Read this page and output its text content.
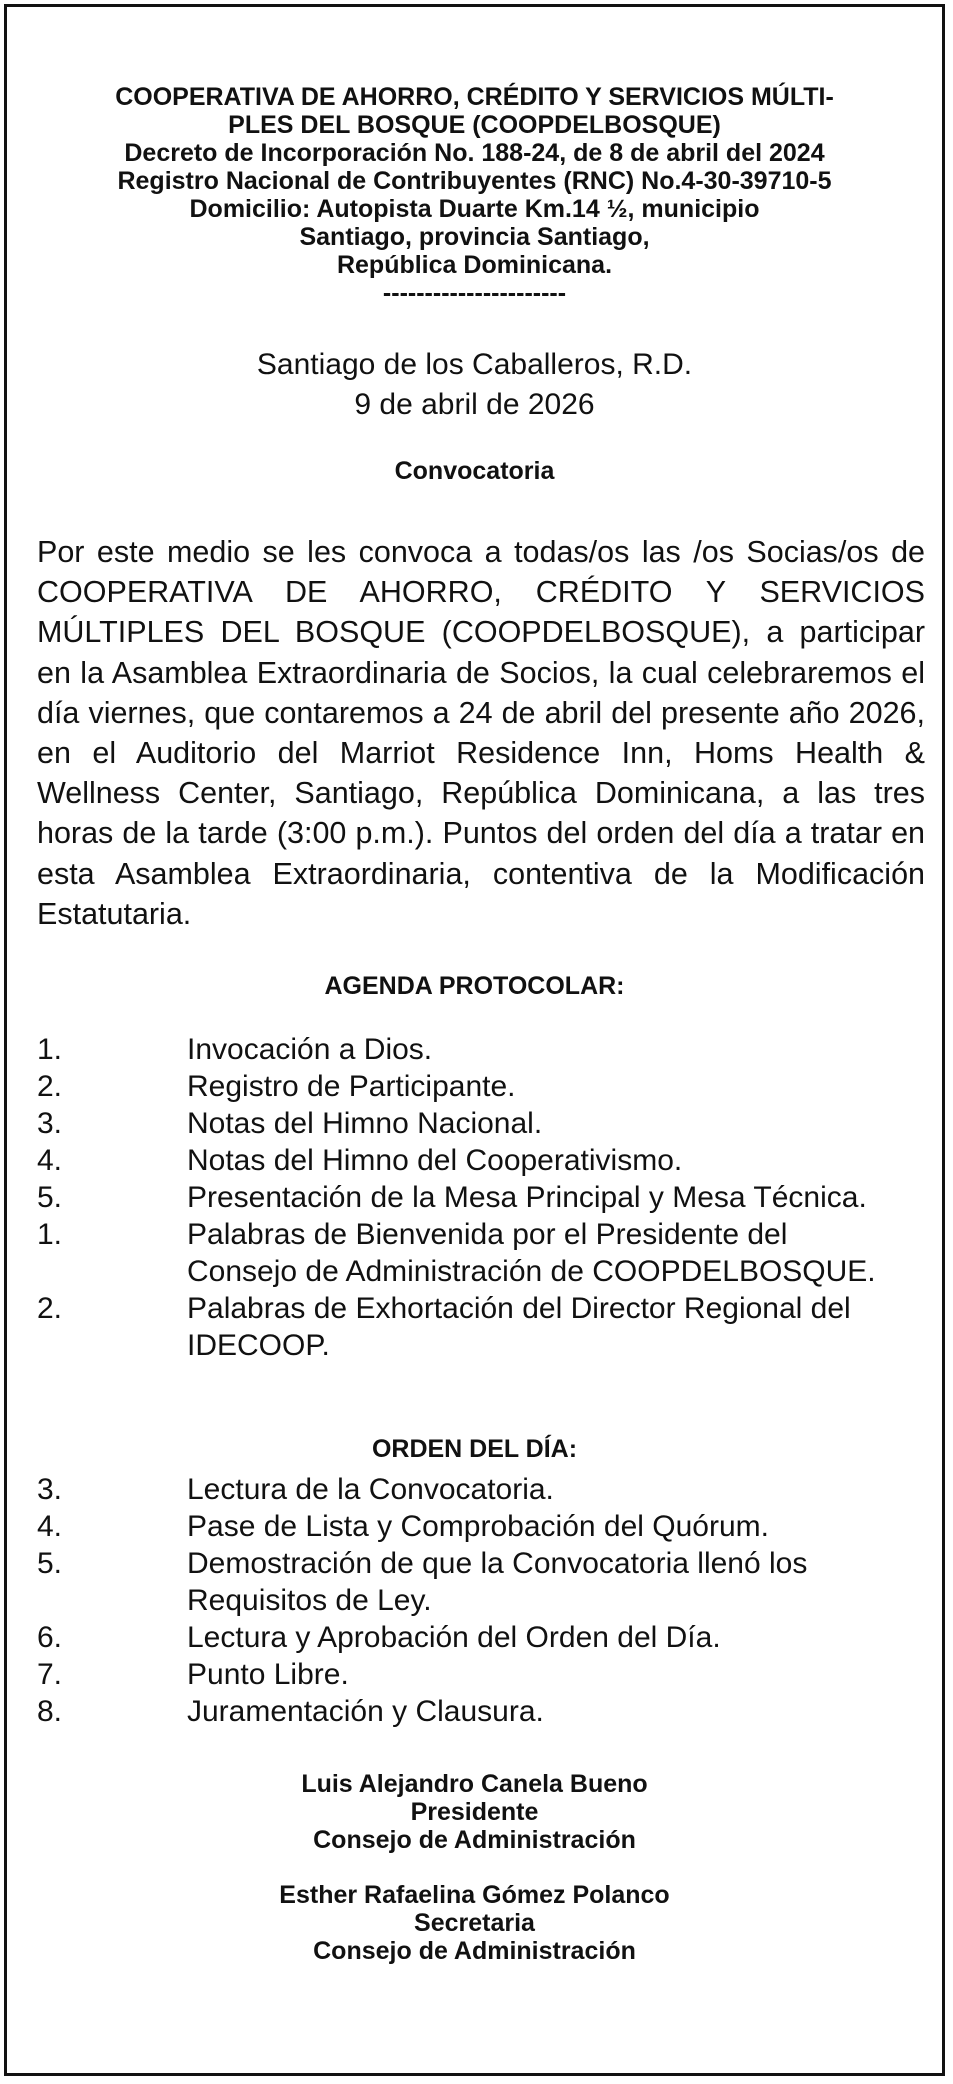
COOPERATIVA DE AHORRO, CRÉDITO Y SERVICIOS MÚLTI-
PLES DEL BOSQUE (COOPDELBOSQUE)
Decreto de Incorporación No. 188-24, de 8 de abril del 2024
Registro Nacional de Contribuyentes (RNC) No.4-30-39710-5
Domicilio: Autopista Duarte Km.14 ½, municipio
Santiago, provincia Santiago,
República Dominicana.
----------------------
Santiago de los Caballeros, R.D.
9 de abril de 2026
Convocatoria
Por este medio se les convoca a todas/os las /os Socias/os de COOPERATIVA DE AHORRO, CRÉDITO Y SERVICIOS MÚLTIPLES DEL BOSQUE (COOPDELBOSQUE), a participar en la Asamblea Extraordinaria de Socios, la cual celebraremos el día viernes, que contaremos a 24 de abril del presente año 2026, en el Auditorio del Marriot Residence Inn, Homs Health & Wellness Center, Santiago, República Dominicana, a las tres horas de la tarde (3:00 p.m.). Puntos del orden del día a tratar en esta Asamblea Extraordinaria, contentiva de la Modificación Estatutaria.
AGENDA PROTOCOLAR:
1.	Invocación a Dios.
2.	Registro de Participante.
3.	Notas del Himno Nacional.
4.	Notas del Himno del Cooperativismo.
5.	Presentación de la Mesa Principal y Mesa Técnica.
1.	Palabras de Bienvenida por el Presidente del Consejo de Administración de COOPDELBOSQUE.
2.	Palabras de Exhortación del Director Regional del IDECOOP.
ORDEN DEL DÍA:
3.	Lectura de la Convocatoria.
4.	Pase de Lista y Comprobación del Quórum.
5.	Demostración de que la Convocatoria llenó los Requisitos de Ley.
6.	Lectura y Aprobación del Orden del Día.
7.	Punto Libre.
8.	Juramentación y Clausura.
Luis Alejandro Canela Bueno
Presidente
Consejo de Administración
Esther Rafaelina Gómez Polanco
Secretaria
Consejo de Administración
